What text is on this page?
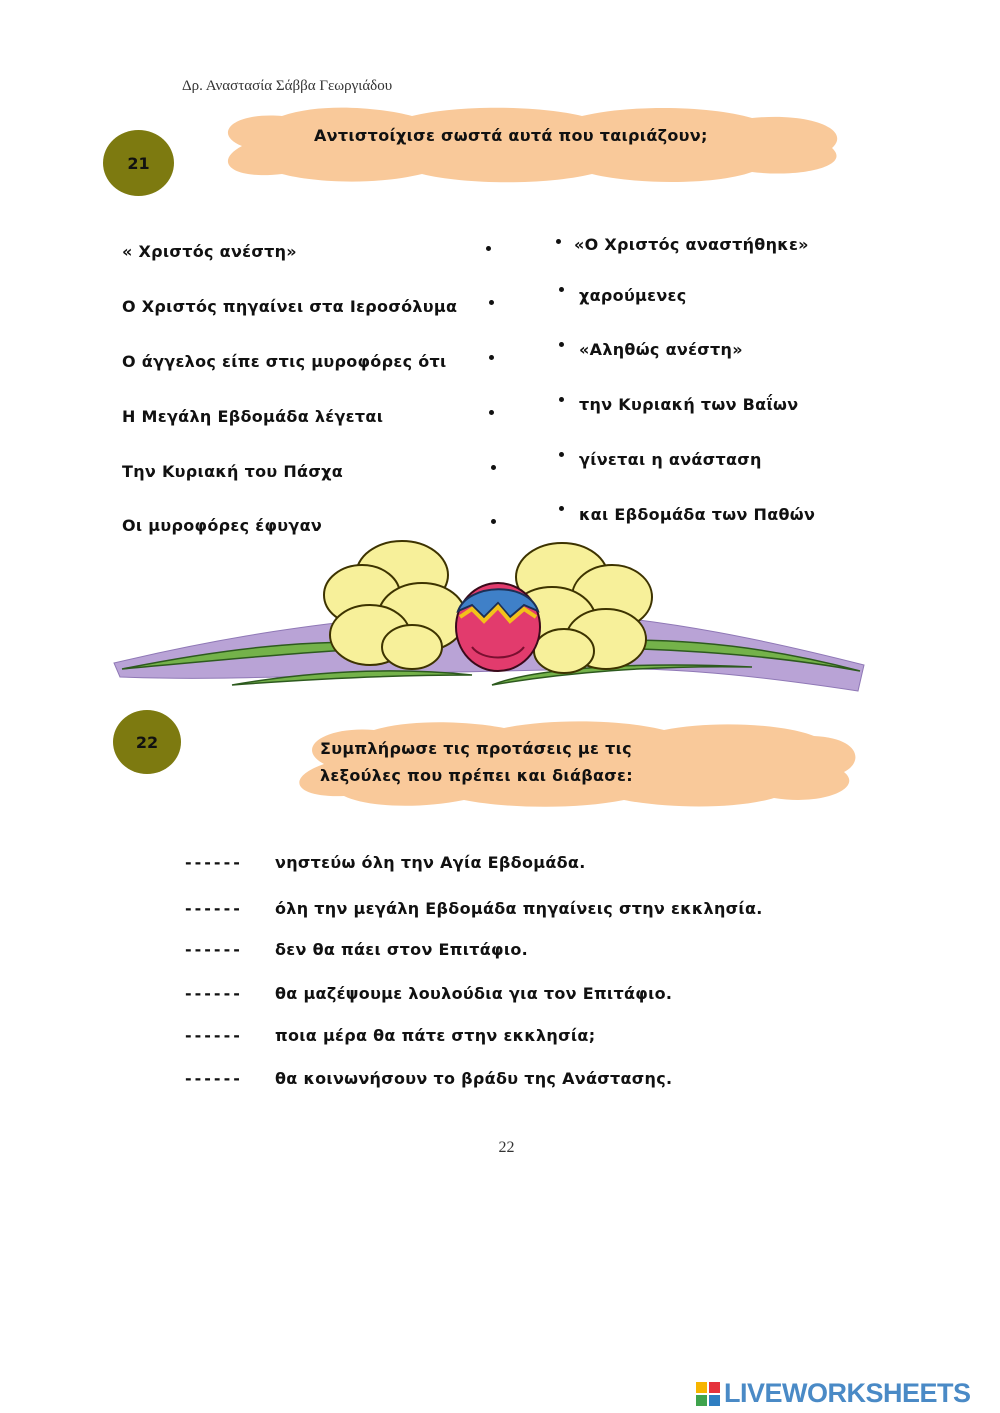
Δρ. Αναστασία Σάββα Γεωργιάδου
21
Αντιστοίχισε σωστά αυτά που ταιριάζουν;
« Χριστός ανέστη»
Ο Χριστός πηγαίνει στα Ιεροσόλυμα
Ο άγγελος είπε στις μυροφόρες ότι
Η Μεγάλη Εβδομάδα λέγεται
Την Κυριακή του Πάσχα
Οι μυροφόρες έφυγαν
«Ο Χριστός αναστήθηκε»
χαρούμενες
«Αληθώς ανέστη»
την Κυριακή των Βαΐων
γίνεται η ανάσταση
και Εβδομάδα των Παθών
22	Συμπλήρωσε τις προτάσεις με τις
λεξούλες που πρέπει και διάβασε:
------ νηστεύω όλη την Αγία Εβδομάδα.
------ όλη την μεγάλη Εβδομάδα πηγαίνεις στην εκκλησία.
------ δεν θα πάει στον Επιτάφιο.
------ θα μαζέψουμε λουλούδια για τον Επιτάφιο.
------ ποια μέρα θα πάτε στην εκκλησία;
------ θα κοινωνήσουν το βράδυ της Ανάστασης.
22
LIVEWORKSHEETS
